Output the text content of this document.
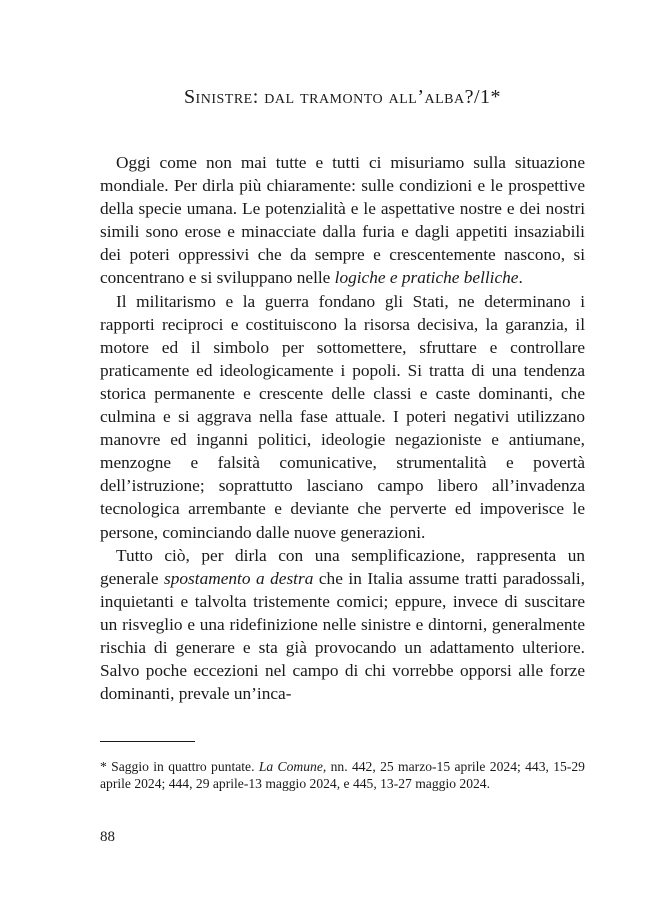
Sinistre: dal tramonto all’alba?/1*

Oggi come non mai tutte e tutti ci misuriamo sulla situazione mondiale. Per dirla più chiaramente: sulle condizioni e le prospettive della specie umana. Le potenzialità e le aspettative nostre e dei nostri simili sono erose e minacciate dalla furia e dagli appetiti insaziabili dei poteri oppressivi che da sempre e crescentemente nascono, si concentrano e si sviluppano nelle logiche e pratiche belliche.

Il militarismo e la guerra fondano gli Stati, ne determinano i rapporti reciproci e costituiscono la risorsa decisiva, la garanzia, il motore ed il simbolo per sottomettere, sfruttare e controllare praticamente ed ideologicamente i popoli. Si tratta di una tendenza storica permanente e crescente delle classi e caste dominanti, che culmina e si aggrava nella fase attuale. I poteri negativi utilizzano manovre ed inganni politici, ideologie negazioniste e antiumane, menzogne e falsità comunicative, strumentalità e povertà dell’istruzione; soprattutto lasciano campo libero all’invadenza tecnologica arrembante e deviante che perverte ed impoverisce le persone, cominciando dalle nuove generazioni.

Tutto ciò, per dirla con una semplificazione, rappresenta un generale spostamento a destra che in Italia assume tratti paradossali, inquietanti e talvolta tristemente comici; eppure, invece di suscitare un risveglio e una ridefinizione nelle sinistre e dintorni, generalmente rischia di generare e sta già provocando un adattamento ulteriore. Salvo poche eccezioni nel campo di chi vorrebbe opporsi alle forze dominanti, prevale un’inca-

* Saggio in quattro puntate. La Comune, nn. 442, 25 marzo-15 aprile 2024; 443, 15-29 aprile 2024; 444, 29 aprile-13 maggio 2024, e 445, 13-27 maggio 2024.
88
